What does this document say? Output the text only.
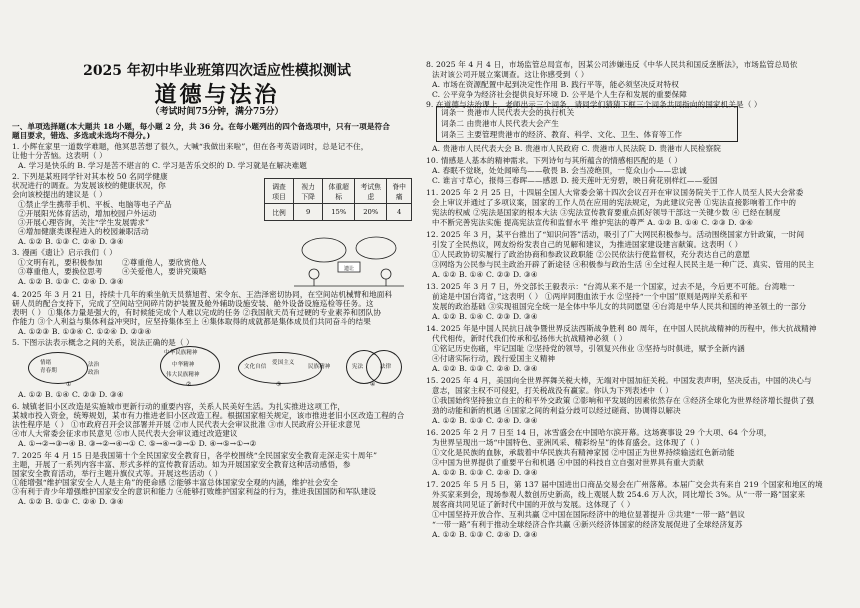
2025 年初中毕业班第四次适应性模拟测试
道德与法治
（考试时间75分钟，满分75分）
一、单项选择题(本大题共 18 小题，每小题 2 分，共 36 分。在每小题列出的四个备选项中，只有一项是符合
题目要求，错选、多选或未选均不得分。)
1. 小辉在家里一道数学难题，他冥思苦想了很久，大喊“我做出来啦”，但在各考英语词时，总是记不住，
让他十分苦恼。这表明（ ）
A. 学习是快乐的 B. 学习是苦不堪言的 C. 学习是苦乐交织的 D. 学习就是在解决难题
2. 下列是某班同学针对其本校 50 名同学健康
状况进行的调查。为发展该校的健康状况，你
会向该校提出的建议是（ ）
①禁止学生携带手机、平板、电脑等电子产品
②开展阳光体育活动，增加校园户外运动
③开展心理咨询，关注“学生发展需求”
④增加健康类课程进入的校园兼职活动
A. ①② B. ①③ C. ②④ D. ③④
3. 漫画《遗让》启示我们（ ）
①文明有礼，要积极参加	②尊重他人，要欣赏他人
③尊重他人，要换位思考	④关爱他人，要讲究策略
A. ①② B. ①③ C. ②④ D. ③④
4. 2025 年 3 月 21 日，持续十几年的乘坐航天员蔡旭哲、宋令东、王浩泽密切协同，在空间站机械臂和地面科
研人员的配合支持下，完成了空间站空间碎片防护装置及舱外辅助设施安装、舱外设备设施巡检等任务。这
表明（ ） ①集体力量是强大的，有时候能完成个人难以完成的任务 ②我国航天员有过硬的专业素养和团队协
作能力 ③个人利益与集体利益冲突时，应坚持集体至上 ④集体取得的成就都是集体成员们共同奋斗的结果
A. ①②③ B. ①③④ C. ①②④ D. ②③④
5. 下图示法表示概念之间的关系，说法正确的是（ ）
A. ①② B. ①④ C. ②③ D. ③④
6. 城镇老旧小区改造是实施城市更新行动的重要内容，关系人民美好生活。为扎实推进这项工作，
某城市投入资金，统筹规划，某市有力推进老旧小区改造工程。根据国家相关规定，该市推进老旧小区改造工程的合
法性程序是（ ） ①市政府召开会议部署并开展 ②市人民代表大会审议批准 ③市人民政府公开征求意见
④市人大常委会征求市民意见 ⑤市人民代表大会审议通过改造建议
A. ①→②→③→④ B. ③→②→④→① C. ⑤→④→③→① D. ④→⑤→①→②
7. 2025 年 4 月 15 日是我国第十个全民国家安全教育日，各学校围绕“全民国家安全教育走深走实十周年”
主题，开展了一系列内容丰富、形式多样的宣传教育活动。如为开展国家安全教育这种活动感悟，参
国家安全教育活动，举行主题升旗仪式等。开展这些活动（ ）
①能增强“维护国家安全人人是主角”的使命感 ②能够丰富总体国家安全观的内涵，维护社会安全
③有利于青少年增强维护国家安全的意识和能力 ④能够打败维护国家利益的行为，推进我国国防和军队建设
A. ①② B. ①③ C. ②④ D. ③④
调查项目	视力下降	体重超标	考试焦虑	脊中痛
比例	9	15%	20%	4
遗让
情绪
青春期
法治
政治
①
中华民族精神
中华精神
伟大民族精神
②
文化自信
爱国主义
民族精神
③
宪法	法律
④
8. 2025 年 4 月 4 日，市场监管总局宣布，因某公司涉嫌违反《中华人民共和国反垄断法》，市场监管总局依
法对该公司开展立案调查。这让你感受到（ ）
A. 市场在资源配置中起到决定性作用 B. 践行平等，能必须坚决反对特权
C. 公平竞争为经济社会提供良好环境 D. 公平是个人生存和发展的重要保障
9. 在道德与法治课上，老师出示三个词条，请同学们猜猜下框三个词条共同指向的国家机关是（ ）
A. 贵港市人民代表大会 B. 贵港市人民政府 C. 贵港市人民法院 D. 贵港市人民检察院
10. 情感是人基本的精神需求。下列诗句与其所蕴含的情感相匹配的是（ ）
A. 春眠不觉晓，处处闻啼鸟——敬畏 B. 会当凌绝顶，一览众山小——忠诚
C. 谁言寸草心，报得三春晖——感恩 D. 接天莲叶无穷碧，映日荷花别样红——爱国
11. 2025 年 2 月 25 日，十四届全国人大常委会第十四次会议召开在审议国务院关于工作人员至人民大会常委
会上审议并通过了多项议案，国家的工作人员在应用的宪法规定，为此建议完善 ①宪法直接影响着工作中的
宪法的权威 ②宪法是国家的根本大法 ③宪法宣传教育要重点抓好领导干部这一关键少数 ④ 已经在制度
中不断完善宪法实施 提高宪法宣传和监督水平 维护宪法的尊严 A. ①② B. ①④ C. ②③ D. ③④
12. 2025 年 3 月，某平台推出了“知识问答”活动，吸引了广大网民积极参与。活动围绕国家方针政策，一时间
引发了全民热议，网友纷纷发表自己的见解和建议，为推进国家建设建言献策。这表明（ ）
①人民政协切实履行了政治协商和参政议政职能 ②公民依法行使监督权，充分表达自己的意愿
③网络为公民参与民主政治开辟了新途径 ④积极参与政治生活 ④全过程人民民主是一种广泛、真实、管用的民主
A. ①② B. ①④ C. ②③ D. ③④
13. 2025 年 3 月 7 日，外交部长王毅表示：“台湾从来不是一个国家，过去不是，今后更不可能。台湾唯一
前途是中国台湾省，”这表明（ ） ①两岸同胞血浓于水 ②坚持“一个中国”原则是两岸关系和平
发展的政治基础 ③实现祖国完全统一是全体中华儿女的共同愿望 ④台湾是中华人民共和国的神圣领土的一部分
A. ①② B. ①④ C. ②③ D. ③④
14. 2025 年是中国人民抗日战争暨世界反法西斯战争胜利 80 周年，在中国人民抗战精神的历程中，伟大抗战精神
代代相传，新时代我们传承和弘扬伟大抗战精神必须（ ）
①铭记历史伤痛，牢记国耻 ②坚持党的领导，引领复兴伟业 ③坚持与时俱进，赋予全新内涵
④付诸实际行动，践行爱国主义精神
A. ①② B. ①③ C. ②④ D. ③④
15. 2025 年 4 月，美国向全世界挥舞关税大棒，无端对中国加征关税。中国发表声明，坚决反击，中国的决心与
意志，国家主权不可侵犯，打关税战没有赢家。你认为下列表述中（ ）
①我国始终坚持独立自主的和平外交政策 ②影响和平发展的因素依然存在 ③经济全球化为世界经济增长提供了强
劲的动能和新的机遇 ④国家之间的利益分歧可以经过磋商、协调得以解决
A. ①② B. ①③ C. ②④ D. ③④
16. 2025 年 2 月 7 日至 14 日，冰雪盛会在中国哈尔滨开幕。这场赛事设 29 个大项、64 个分项，
为世界呈现出一场“中国特色、亚洲风采、精彩纷呈”的体育盛会。这体现了（ ）
①文化是民族的血脉，承载着中华民族共有精神家园 ②中国正为世界持续输送红色新动能
③中国为世界提供了重要平台和机遇 ④中国的科技自立自强对世界具有重大贡献
A. ①② B. ①③ C. ②④ D. ③④
17. 2025 年 5 月 5 日，第 137 届中国进出口商品交易会在广州落幕。本届广交会共有来自 219 个国家和地区的境
外买家来到会，现场参观人数创历史新高，线上观展人数 254.6 万人次，同比增长 3%。从“一带一路”国家来
展客商共同见证了新时代中国的开放与发展。这体现了（ ）
①中国坚持开放合作、互利共赢 ②中国在国际经济中的地位显著提升 ③共建“一带一路”倡议
“一带一路”有利于推动全球经济合作共赢 ④新兴经济体国家的经济发展促进了全球经济复苏
A. ①② B. ①③ C. ②④ D. ③④
词条一 贵港市人民代表大会的执行机关
词条二 由贵港市人民代表大会产生
词条三 主要管理贵港市的经济、教育、科学、文化、卫生、体育等工作
